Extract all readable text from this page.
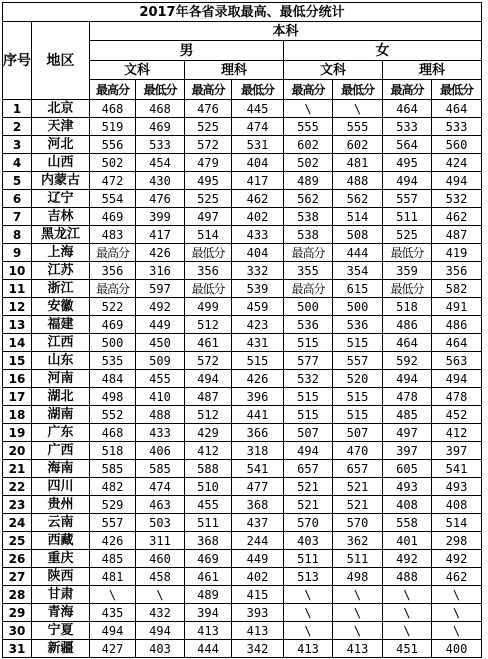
2017年各省录取最高、最低分统计									
序号	地区	本科							
		男				女			
		文科		理科		文科		理科	
		最高分	最低分	最高分	最低分	最高分	最低分	最高分	最低分
1	北京	468	468	476	445	\	\	464	464
2	天津	519	469	525	474	555	555	533	533
3	河北	556	533	572	531	602	602	564	560
4	山西	502	454	479	404	502	481	495	424
5	内蒙古	472	430	495	417	489	488	494	494
6	辽宁	554	476	525	462	562	562	557	532
7	吉林	469	399	497	402	538	514	511	462
8	黑龙江	483	417	514	433	538	508	525	487
9	上海	最高分	426	最低分	404	最高分	444	最低分	419
10	江苏	356	316	356	332	355	354	359	356
11	浙江	最高分	597	最低分	539	最高分	615	最低分	582
12	安徽	522	492	499	459	500	500	518	491
13	福建	469	449	512	423	536	536	486	486
14	江西	500	450	461	431	515	515	464	464
15	山东	535	509	572	515	577	557	592	563
16	河南	484	455	494	426	532	520	494	494
17	湖北	498	410	487	396	515	515	478	478
18	湖南	552	488	512	441	515	515	485	452
19	广东	468	433	429	366	507	507	497	412
20	广西	518	406	412	318	494	470	397	397
21	海南	585	585	588	541	657	657	605	541
22	四川	482	474	510	477	521	521	493	493
23	贵州	529	463	455	368	521	521	408	408
24	云南	557	503	511	437	570	570	558	514
25	西藏	426	311	368	244	403	362	401	298
26	重庆	485	460	469	449	511	511	492	492
27	陕西	481	458	461	402	513	498	488	462
28	甘肃	\	\	489	415	\	\	\	\
29	青海	435	432	394	393	\	\	\	\
30	宁夏	494	494	413	413	\	\	\	\
31	新疆	427	403	444	342	413	413	451	400
